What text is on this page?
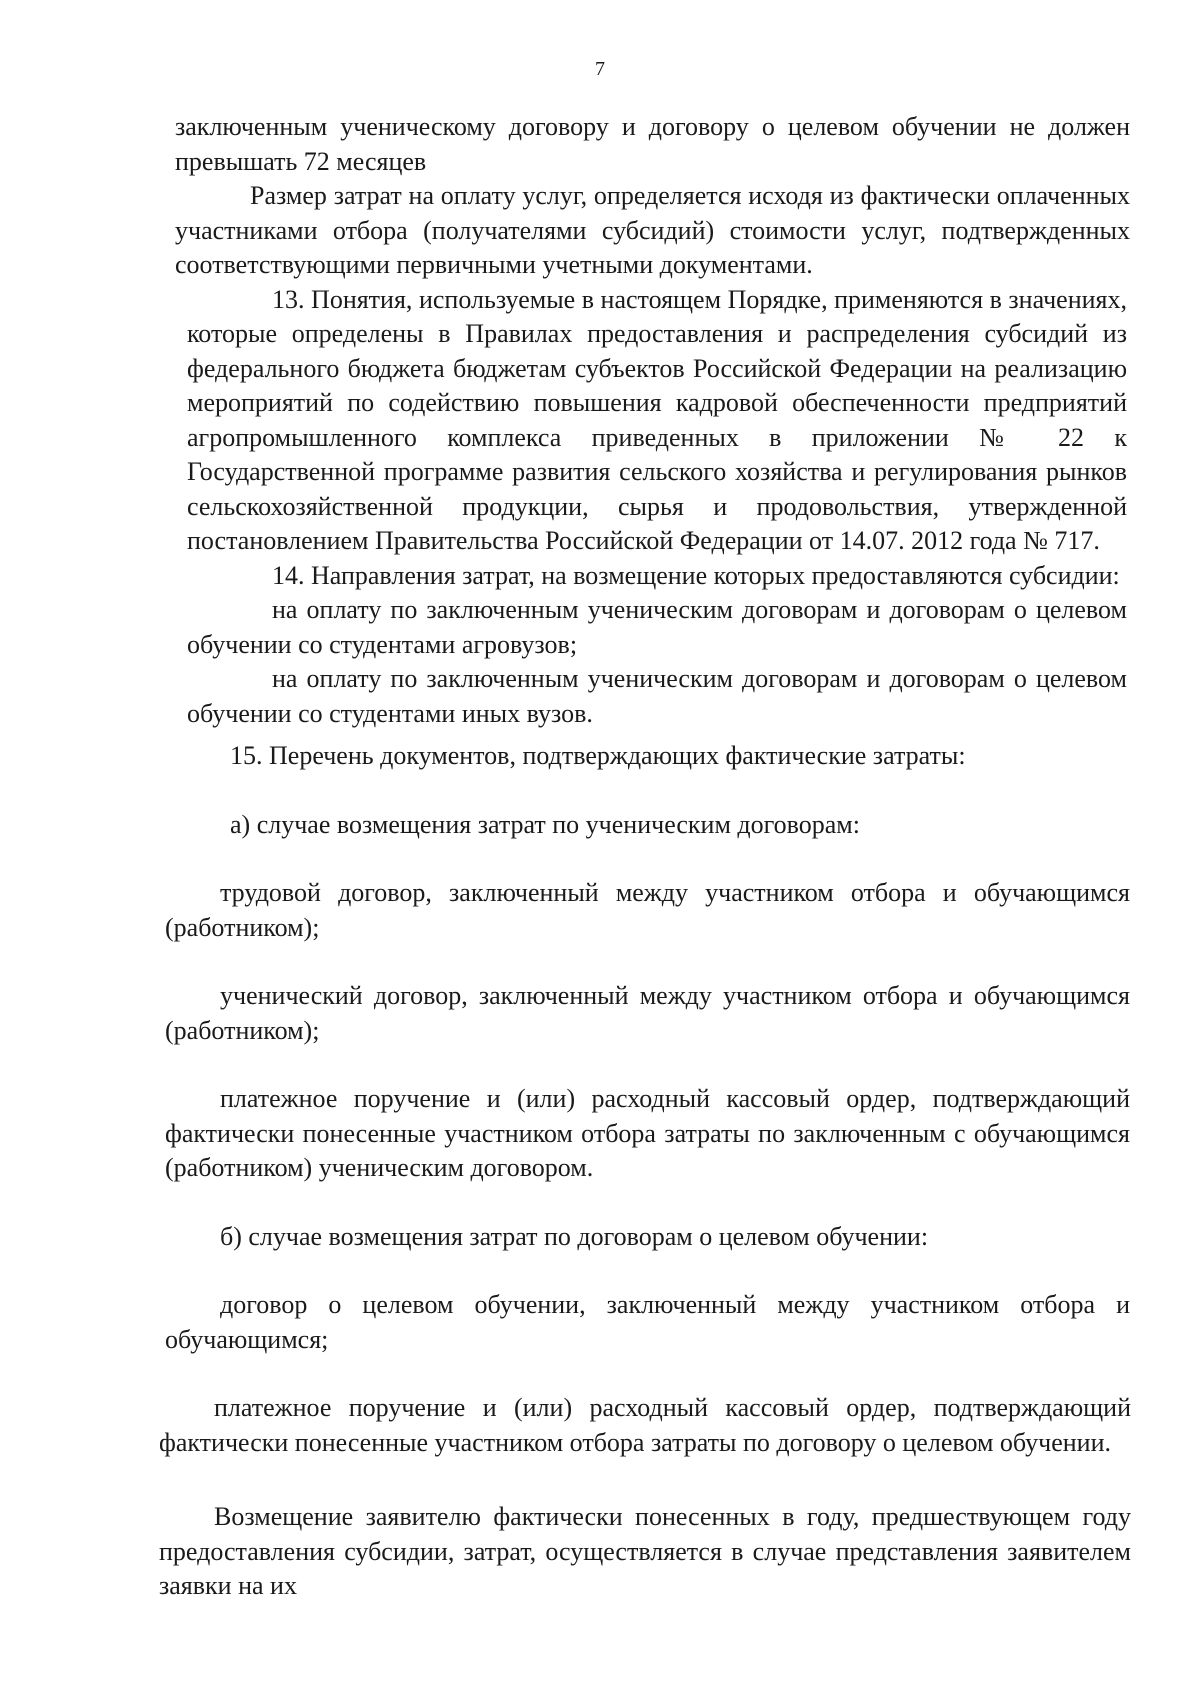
7

заключенным ученическому договору и договору о целевом обучении не должен превышать 72 месяцев

Размер затрат на оплату услуг, определяется исходя из фактически оплаченных участниками отбора (получателями субсидий) стоимости услуг, подтвержденных соответствующими первичными учетными документами.

13. Понятия, используемые в настоящем Порядке, применяются в значениях, которые определены в Правилах предоставления и распределения субсидий из федерального бюджета бюджетам субъектов Российской Федерации на реализацию мероприятий по содействию повышения кадровой обеспеченности предприятий агропромышленного комплекса приведенных в приложении № 22 к Государственной программе развития сельского хозяйства и регулирования рынков сельскохозяйственной продукции, сырья и продовольствия, утвержденной постановлением Правительства Российской Федерации от 14.07. 2012 года № 717.

14. Направления затрат, на возмещение которых предоставляются субсидии:

на оплату по заключенным ученическим договорам и договорам о целевом обучении со студентами агровузов;

на оплату по заключенным ученическим договорам и договорам о целевом обучении со студентами иных вузов.

15. Перечень документов, подтверждающих фактические затраты:

а) случае возмещения затрат по ученическим договорам:

трудовой договор, заключенный между участником отбора и обучающимся (работником);

ученический договор, заключенный между участником отбора и обучающимся (работником);

платежное поручение и (или) расходный кассовый ордер, подтверждающий фактически понесенные участником отбора затраты по заключенным с обучающимся (работником) ученическим договором.

б) случае возмещения затрат по договорам о целевом обучении:

договор о целевом обучении, заключенный между участником отбора и обучающимся;

платежное поручение и (или) расходный кассовый ордер, подтверждающий фактически понесенные участником отбора затраты по договору о целевом обучении.

Возмещение заявителю фактически понесенных в году, предшествующем году предоставления субсидии, затрат, осуществляется в случае представления заявителем заявки на их
